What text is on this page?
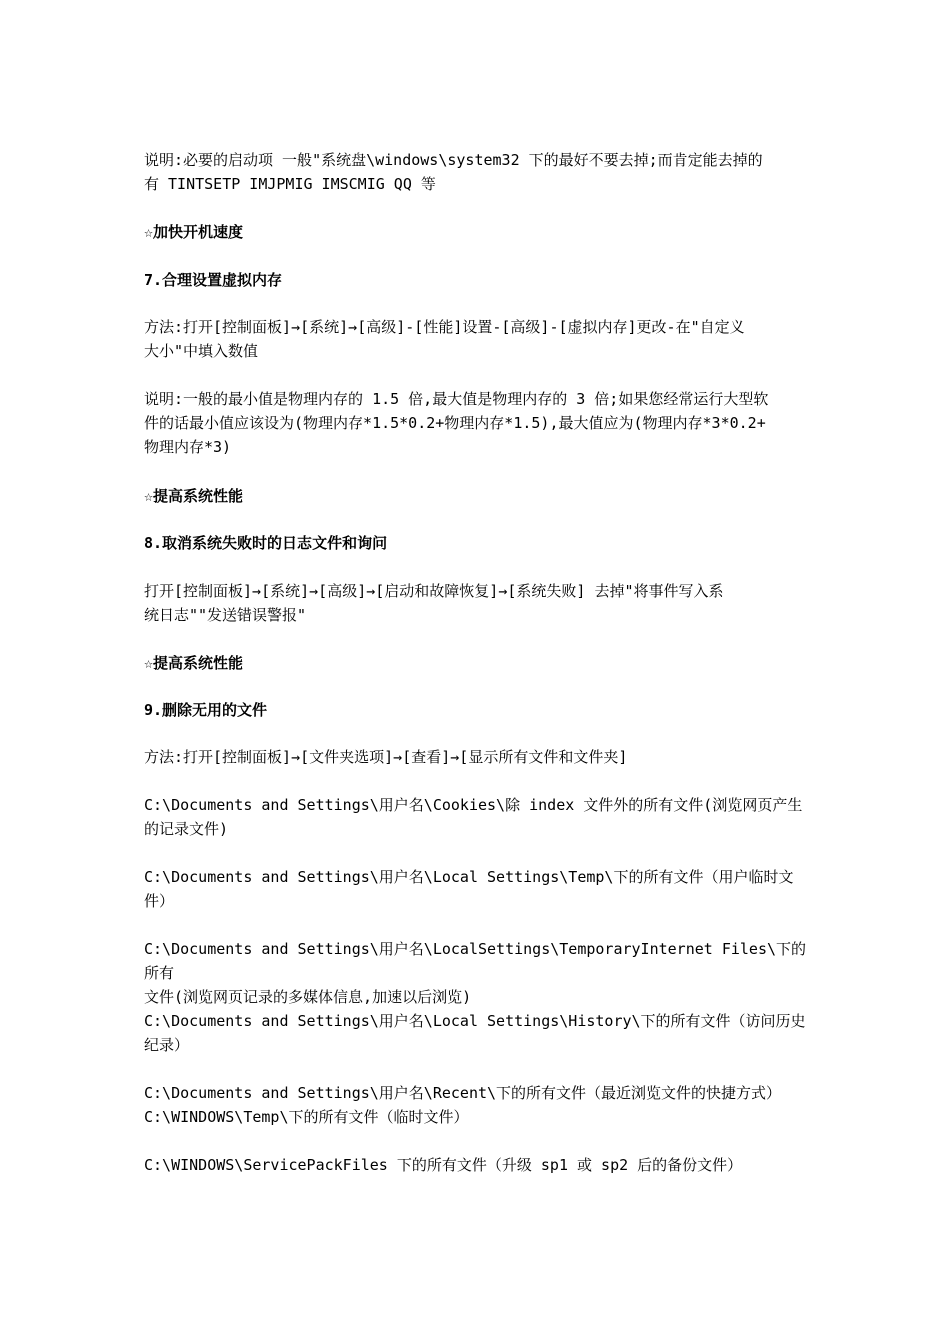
说明:必要的启动项 一般"系统盘\windows\system32 下的最好不要去掉;而肯定能去掉的
有 TINTSETP IMJPMIG IMSCMIG QQ 等
☆加快开机速度
7.合理设置虚拟内存
方法:打开[控制面板]→[系统]→[高级]-[性能]设置-[高级]-[虚拟内存]更改-在"自定义
大小"中填入数值
说明:一般的最小值是物理内存的 1.5 倍,最大值是物理内存的 3 倍;如果您经常运行大型软
件的话最小值应该设为(物理内存*1.5*0.2+物理内存*1.5),最大值应为(物理内存*3*0.2+
物理内存*3)
☆提高系统性能
8.取消系统失败时的日志文件和询问
打开[控制面板]→[系统]→[高级]→[启动和故障恢复]→[系统失败] 去掉"将事件写入系
统日志""发送错误警报"
☆提高系统性能
9.删除无用的文件
方法:打开[控制面板]→[文件夹选项]→[查看]→[显示所有文件和文件夹]
C:\Documents and Settings\用户名\Cookies\除 index 文件外的所有文件(浏览网页产生
的记录文件)
C:\Documents and Settings\用户名\Local Settings\Temp\下的所有文件（用户临时文
件）
C:\Documents and Settings\用户名\LocalSettings\TemporaryInternet Files\下的所有
文件(浏览网页记录的多媒体信息,加速以后浏览)
C:\Documents and Settings\用户名\Local Settings\History\下的所有文件（访问历史
纪录）
C:\Documents and Settings\用户名\Recent\下的所有文件（最近浏览文件的快捷方式）
C:\WINDOWS\Temp\下的所有文件（临时文件）
C:\WINDOWS\ServicePackFiles 下的所有文件（升级 sp1 或 sp2 后的备份文件）
